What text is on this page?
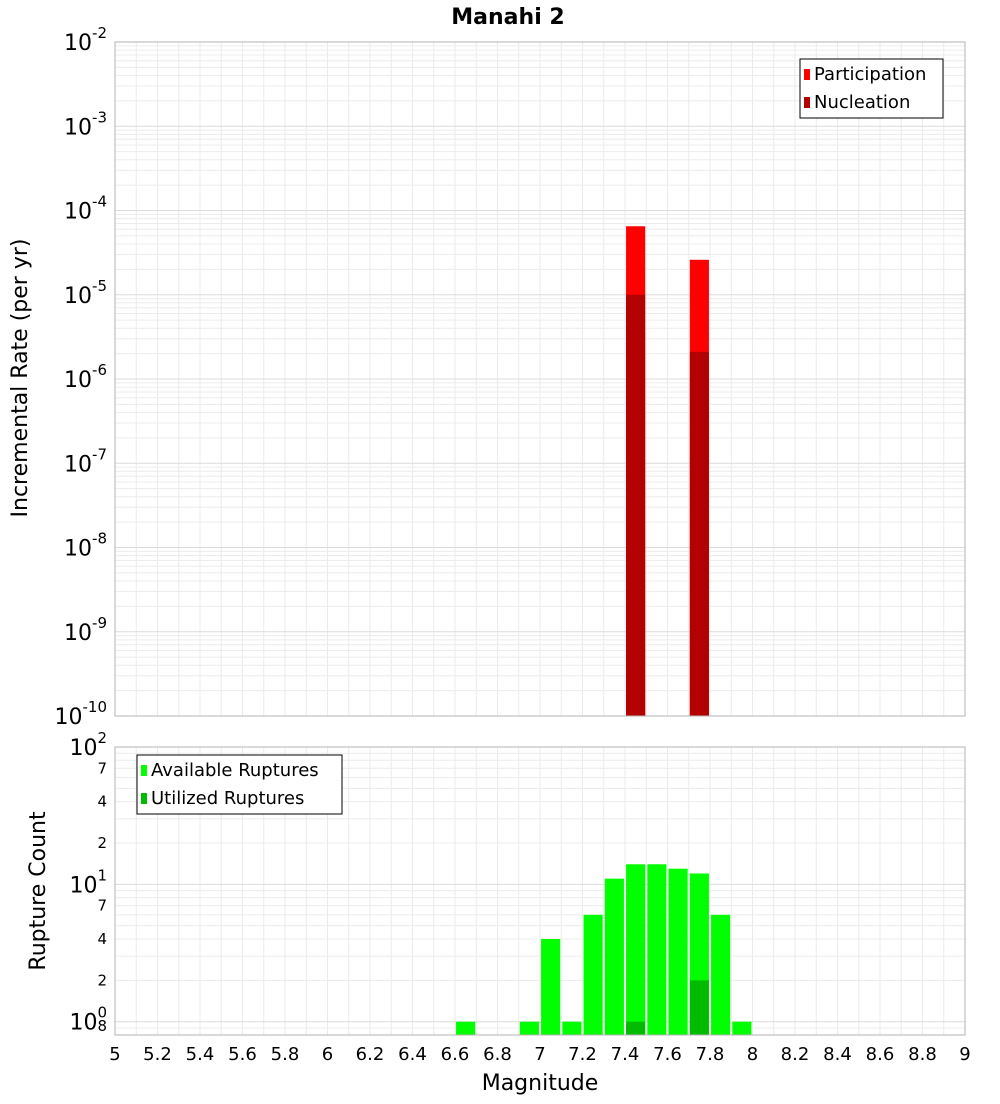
Manahi 2
Incremental Rate (per yr)
Rupture Count
Magnitude
$10^{-2}$
$10^{-3}$
$10^{-4}$
$10^{-5}$
$10^{-6}$
$10^{-7}$
$10^{-8}$
$10^{-9}$
$10^{-10}$
Participation
Nucleation
$10^2$
$10^1$
$10^0$
7
4
2
7
4
2
8
5 5.2 5.4 5.6 5.8 6 6.2 6.4 6.6 6.8 7 7.2 7.4 7.6 7.8 8 8.2 8.4 8.6 8.8 9
Available Ruptures
Utilized Ruptures
